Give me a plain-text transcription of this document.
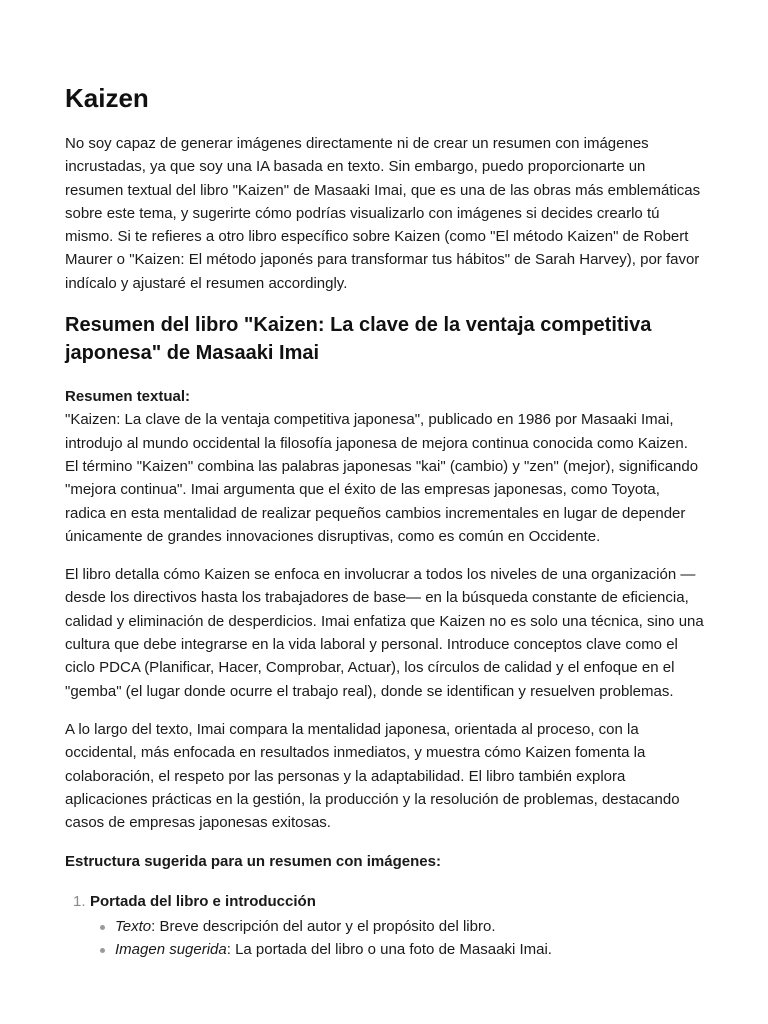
Kaizen

No soy capaz de generar imágenes directamente ni de crear un resumen con imágenes incrustadas, ya que soy una IA basada en texto. Sin embargo, puedo proporcionarte un resumen textual del libro "Kaizen" de Masaaki Imai, que es una de las obras más emblemáticas sobre este tema, y sugerirte cómo podrías visualizarlo con imágenes si decides crearlo tú mismo. Si te refieres a otro libro específico sobre Kaizen (como "El método Kaizen" de Robert Maurer o "Kaizen: El método japonés para transformar tus hábitos" de Sarah Harvey), por favor indícalo y ajustaré el resumen accordingly.

Resumen del libro "Kaizen: La clave de la ventaja competitiva japonesa" de Masaaki Imai
Resumen textual:

"Kaizen: La clave de la ventaja competitiva japonesa", publicado en 1986 por Masaaki Imai, introdujo al mundo occidental la filosofía japonesa de mejora continua conocida como Kaizen. El término "Kaizen" combina las palabras japonesas "kai" (cambio) y "zen" (mejor), significando "mejora continua". Imai argumenta que el éxito de las empresas japonesas, como Toyota, radica en esta mentalidad de realizar pequeños cambios incrementales en lugar de depender únicamente de grandes innovaciones disruptivas, como es común en Occidente.

El libro detalla cómo Kaizen se enfoca en involucrar a todos los niveles de una organización — desde los directivos hasta los trabajadores de base— en la búsqueda constante de eficiencia, calidad y eliminación de desperdicios. Imai enfatiza que Kaizen no es solo una técnica, sino una cultura que debe integrarse en la vida laboral y personal. Introduce conceptos clave como el ciclo PDCA (Planificar, Hacer, Comprobar, Actuar), los círculos de calidad y el enfoque en el "gemba" (el lugar donde ocurre el trabajo real), donde se identifican y resuelven problemas.

A lo largo del texto, Imai compara la mentalidad japonesa, orientada al proceso, con la occidental, más enfocada en resultados inmediatos, y muestra cómo Kaizen fomenta la colaboración, el respeto por las personas y la adaptabilidad. El libro también explora aplicaciones prácticas en la gestión, la producción y la resolución de problemas, destacando casos de empresas japonesas exitosas.

Estructura sugerida para un resumen con imágenes:
1. Portada del libro e introducción
Texto: Breve descripción del autor y el propósito del libro.
Imagen sugerida: La portada del libro o una foto de Masaaki Imai.
